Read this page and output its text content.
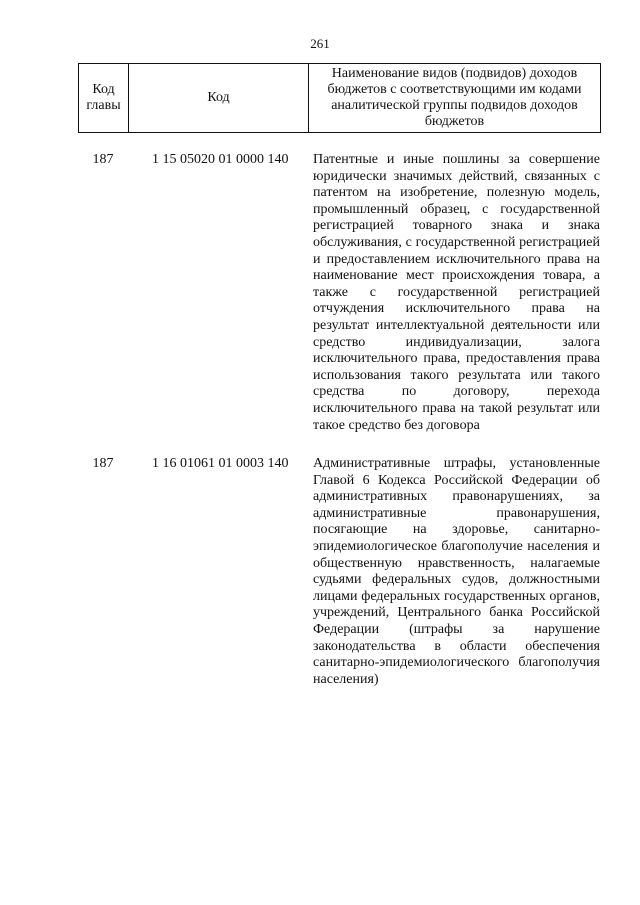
261
Код главы	Код	Наименование видов (подвидов) доходов бюджетов с соответствующими им кодами аналитической группы подвидов доходов бюджетов
187	1 15 05020 01 0000 140	Патентные и иные пошлины за совершение юридически значимых действий, связанных с патентом на изобретение, полезную модель, промышленный образец, с государственной регистрацией товарного знака и знака обслуживания, с государственной регистрацией и предоставлением исключительного права на наименование мест происхождения товара, а также с государственной регистрацией отчуждения исключительного права на результат интеллектуальной деятельности или средство индивидуализации, залога исключительного права, предоставления права использования такого результата или такого средства по договору, перехода исключительного права на такой результат или такое средство без договора
187	1 16 01061 01 0003 140	Административные штрафы, установленные Главой 6 Кодекса Российской Федерации об административных правонарушениях, за административные правонарушения, посягающие на здоровье, санитарно-эпидемиологическое благополучие населения и общественную нравственность, налагаемые судьями федеральных судов, должностными лицами федеральных государственных органов, учреждений, Центрального банка Российской Федерации (штрафы за нарушение законодательства в области обеспечения санитарно-эпидемиологического благополучия населения)
